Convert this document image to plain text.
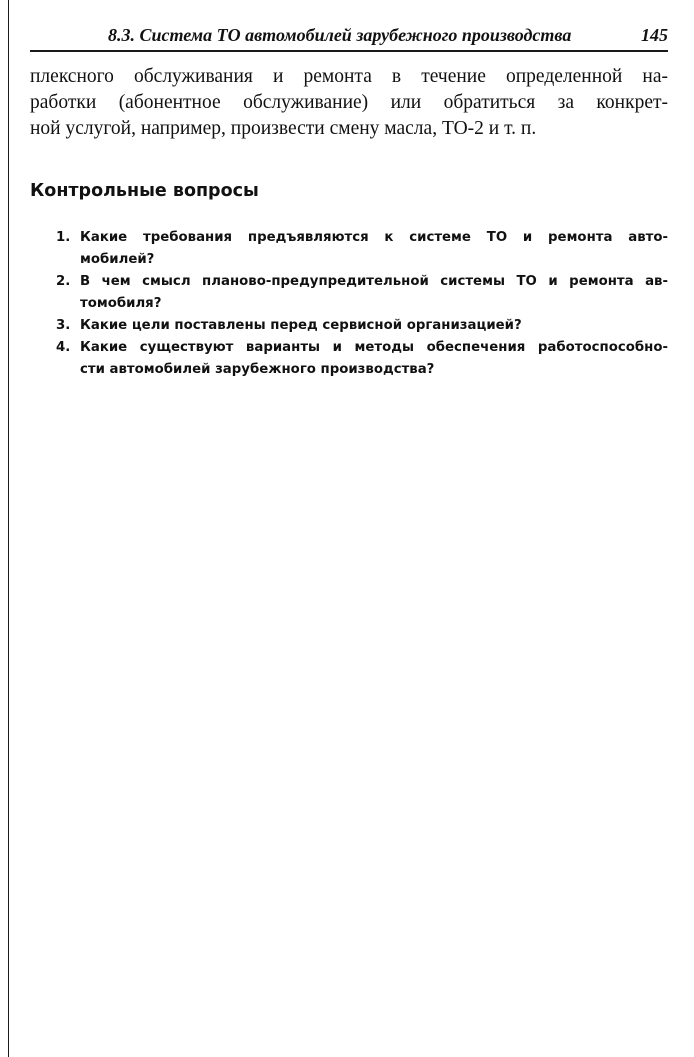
8.3. Система ТО автомобилей зарубежного производства	145
плексного обслуживания и ремонта в течение определенной на-
работки (абонентное обслуживание) или обратиться за конкрет-
ной услугой, например, произвести смену масла, ТО-2 и т. п.
Контрольные вопросы
1. Какие требования предъявляются к системе ТО и ремонта авто-
мобилей?
2. В чем смысл планово-предупредительной системы ТО и ремонта ав-
томобиля?
3. Какие цели поставлены перед сервисной организацией?
4. Какие существуют варианты и методы обеспечения работоспособно-
сти автомобилей зарубежного производства?
